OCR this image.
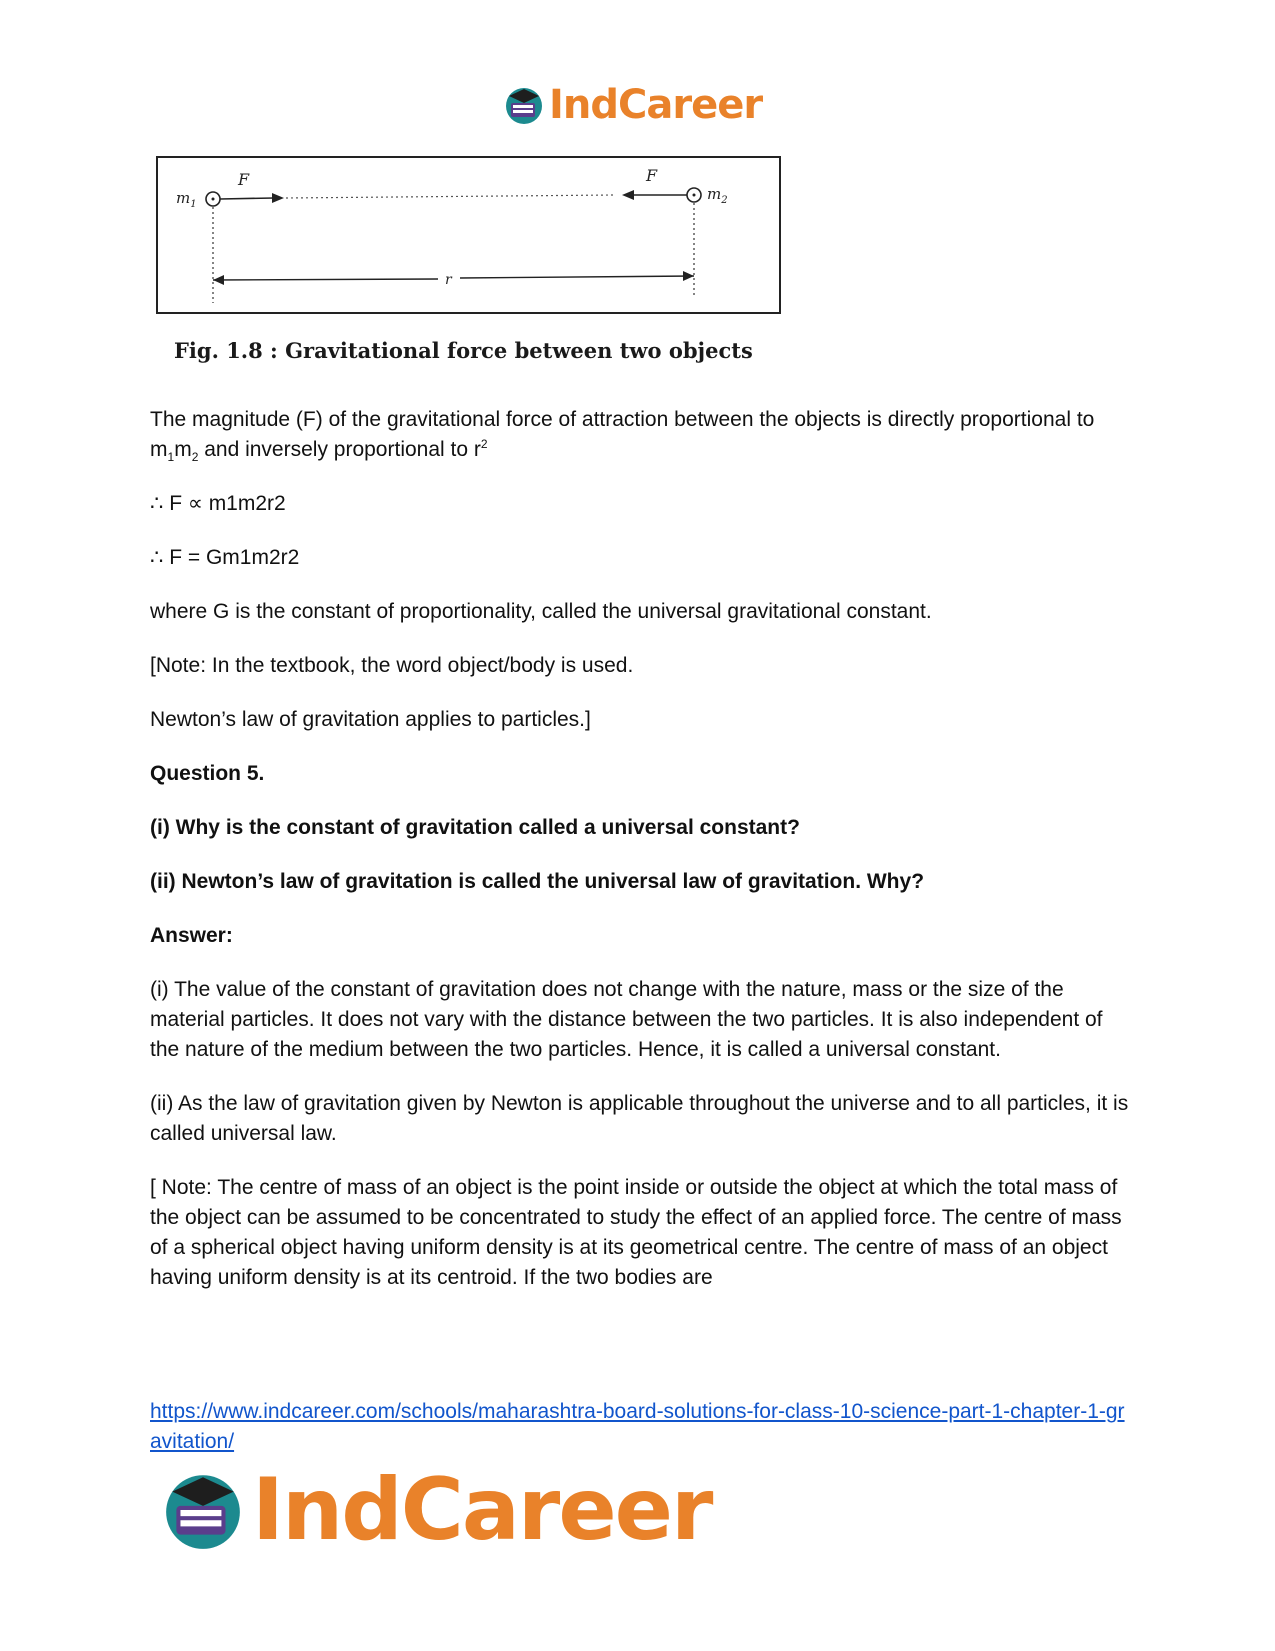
IndCareer
$m_1$
$m_2$
F	F
r
Fig. 1.8 : Gravitational force between two objects

The magnitude (F) of the gravitational force of attraction between the objects is directly proportional to $m_1m_2$ and inversely proportional to $r^2$

∴ F ∝ m1m2r2

∴ F = Gm1m2r2

where G is the constant of proportionality, called the universal gravitational constant.

[Note: In the textbook, the word object/body is used.

Newton’s law of gravitation applies to particles.]

Question 5.

(i) Why is the constant of gravitation called a universal constant?

(ii) Newton’s law of gravitation is called the universal law of gravitation. Why?

Answer:

(i) The value of the constant of gravitation does not change with the nature, mass or the size of the material particles. It does not vary with the distance between the two particles. It is also independent of the nature of the medium between the two particles. Hence, it is called a universal constant.

(ii) As the law of gravitation given by Newton is applicable throughout the universe and to all particles, it is called universal law.

[ Note: The centre of mass of an object is the point inside or outside the object at which the total mass of the object can be assumed to be concentrated to study the effect of an applied force. The centre of mass of a spherical object having uniform density is at its geometrical centre. The centre of mass of an object having uniform density is at its centroid. If the two bodies are

https://www.indcareer.com/schools/maharashtra-board-solutions-for-class-10-science-part-1-chapter-1-gravitation/
IndCareer
